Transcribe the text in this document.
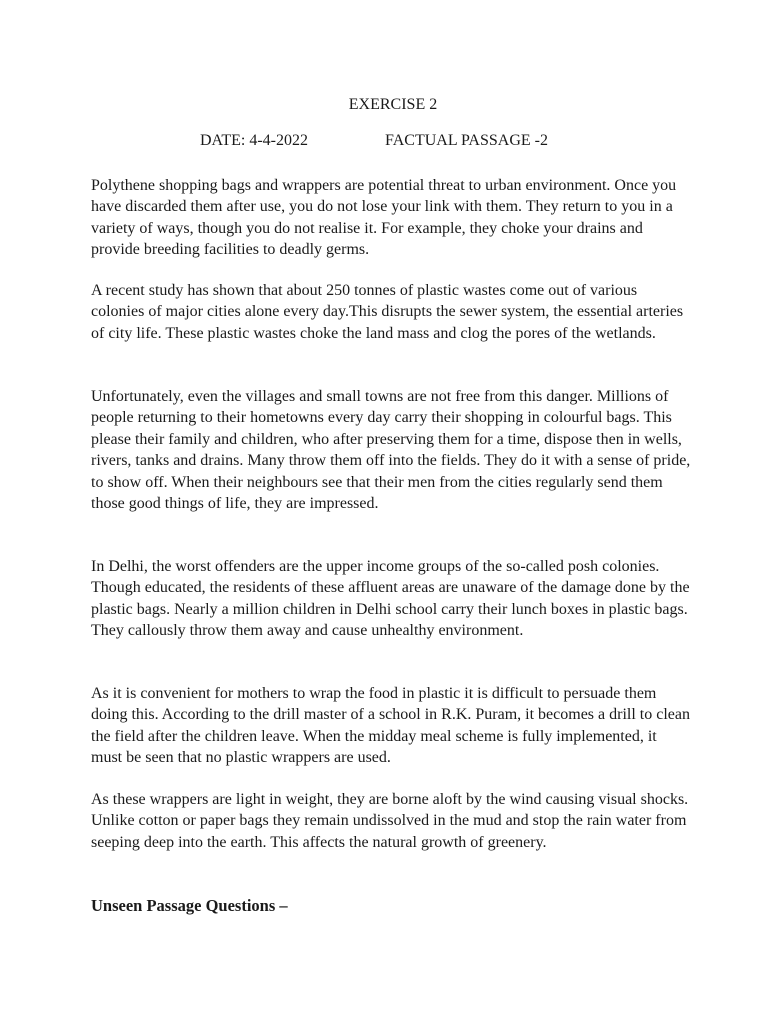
EXERCISE 2
DATE: 4-4-2022	FACTUAL PASSAGE -2

Polythene shopping bags and wrappers are potential threat to urban environment. Once you have discarded them after use, you do not lose your link with them. They return to you in a variety of ways, though you do not realise it. For example, they choke your drains and provide breeding facilities to deadly germs.

A recent study has shown that about 250 tonnes of plastic wastes come out of various colonies of major cities alone every day.This disrupts the sewer system, the essential arteries of city life. These plastic wastes choke the land mass and clog the pores of the wetlands.

Unfortunately, even the villages and small towns are not free from this danger. Millions of people returning to their hometowns every day carry their shopping in colourful bags. This please their family and children, who after preserving them for a time, dispose then in wells, rivers, tanks and drains. Many throw them off into the fields. They do it with a sense of pride, to show off. When their neighbours see that their men from the cities regularly send them those good things of life, they are impressed.

In Delhi, the worst offenders are the upper income groups of the so-called posh colonies. Though educated, the residents of these affluent areas are unaware of the damage done by the plastic bags. Nearly a million children in Delhi school carry their lunch boxes in plastic bags. They callously throw them away and cause unhealthy environment.

As it is convenient for mothers to wrap the food in plastic it is difficult to persuade them doing this. According to the drill master of a school in R.K. Puram, it becomes a drill to clean the field after the children leave. When the midday meal scheme is fully implemented, it must be seen that no plastic wrappers are used.

As these wrappers are light in weight, they are borne aloft by the wind causing visual shocks. Unlike cotton or paper bags they remain undissolved in the mud and stop the rain water from seeping deep into the earth. This affects the natural growth of greenery.

Unseen Passage Questions –
